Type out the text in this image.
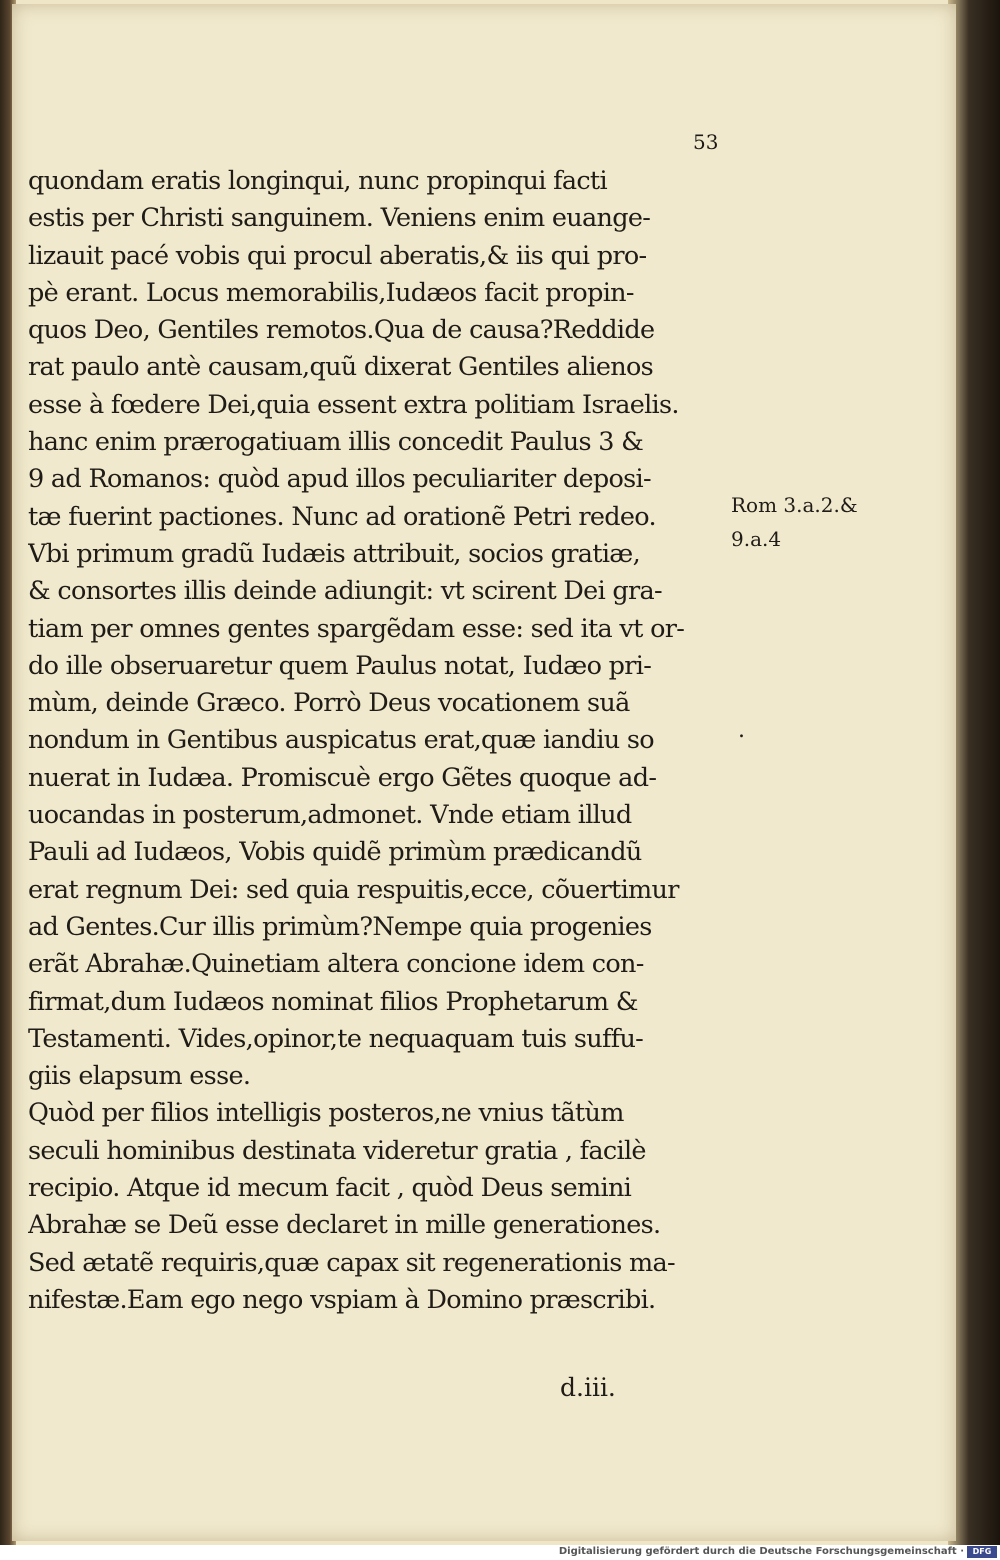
53
quondam eratis longinqui, nunc propinqui facti
estis per Christi sanguinem. Veniens enim euange-
lizauit pacé vobis qui procul aberatis,& iis qui pro-
pè erant. Locus memorabilis,Iudæos facit propin-
quos Deo, Gentiles remotos.Qua de causa?Reddide
rat paulo antè causam,quũ dixerat Gentiles alienos
esse à fœdere Dei,quia essent extra politiam Israelis.
hanc enim prærogatiuam illis concedit Paulus 3 &
9 ad Romanos: quòd apud illos peculiariter deposi-
tæ fuerint pactiones. Nunc ad orationẽ Petri redeo.
Vbi primum gradũ Iudæis attribuit, socios gratiæ,
& consortes illis deinde adiungit: vt scirent Dei gra-
tiam per omnes gentes spargẽdam esse: sed ita vt or-
do ille obseruaretur quem Paulus notat, Iudæo pri-
mùm, deinde Græco. Porrò Deus vocationem suã
nondum in Gentibus auspicatus erat,quæ iandiu so
nuerat in Iudæa. Promiscuè ergo Gẽtes quoque ad-
uocandas in posterum,admonet. Vnde etiam illud
Pauli ad Iudæos, Vobis quidẽ primùm prædicandũ
erat regnum Dei: sed quia respuitis,ecce, cõuertimur
ad Gentes.Cur illis primùm?Nempe quia progenies
erãt Abrahæ.Quinetiam altera concione idem con-
firmat,dum Iudæos nominat filios Prophetarum &
Testamenti. Vides,opinor,te nequaquam tuis suffu-
giis elapsum esse.
Quòd per filios intelligis posteros,ne vnius tãtùm
seculi hominibus destinata videretur gratia , facilè
recipio. Atque id mecum facit , quòd Deus semini
Abrahæ se Deũ esse declaret in mille generationes.
Sed ætatẽ requiris,quæ capax sit regenerationis ma-
nifestæ.Eam ego nego vspiam à Domino præscribi.
Rom 3.a.2.&
9.a.4
.
d.iii.
Digitalisierung gefördert durch die Deutsche Forschungsgemeinschaft ·	DFG
